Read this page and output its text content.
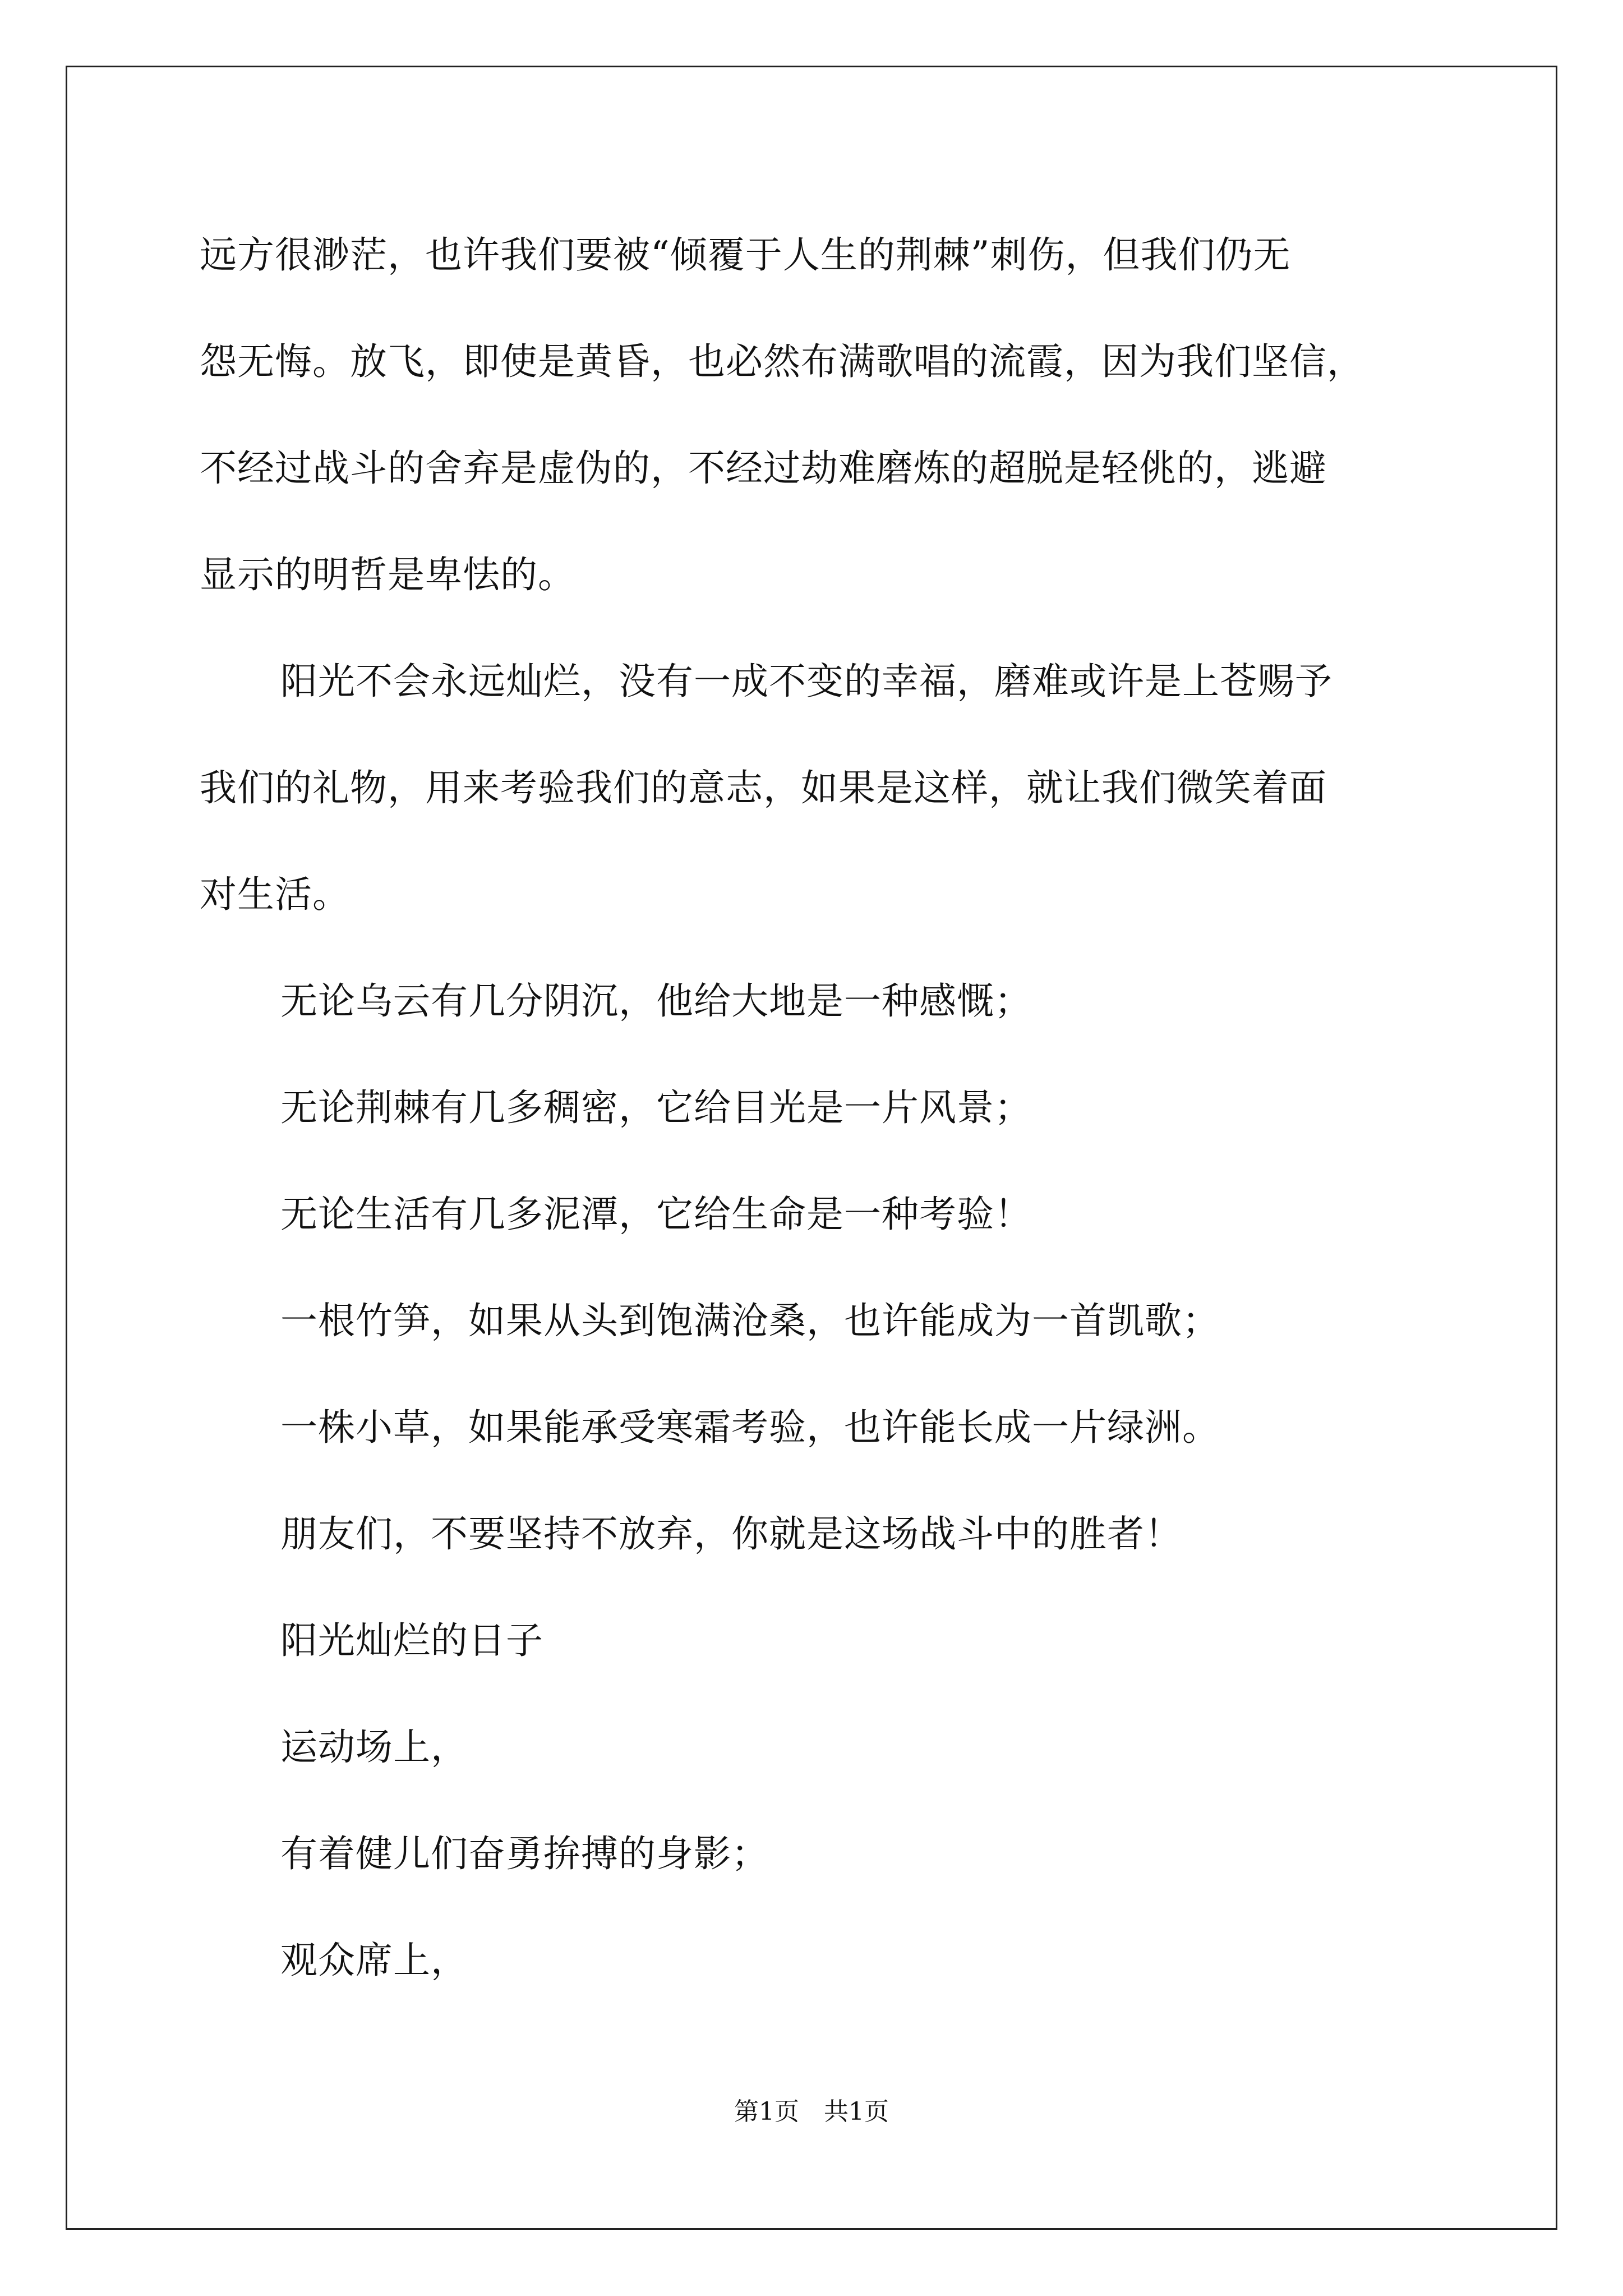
远方很渺茫，也许我们要被“倾覆于人生的荆棘”刺伤，但我们仍无
怨无悔。放飞，即使是黄昏，也必然布满歌唱的流霞，因为我们坚信，
不经过战斗的舍弃是虚伪的，不经过劫难磨炼的超脱是轻佻的，逃避
显示的明哲是卑怯的。
阳光不会永远灿烂，没有一成不变的幸福，磨难或许是上苍赐予
我们的礼物，用来考验我们的意志，如果是这样，就让我们微笑着面
对生活。
无论乌云有几分阴沉，他给大地是一种感慨；
无论荆棘有几多稠密，它给目光是一片风景；
无论生活有几多泥潭，它给生命是一种考验！
一根竹笋，如果从头到饱满沧桑，也许能成为一首凯歌；
一株小草，如果能承受寒霜考验，也许能长成一片绿洲。
朋友们，不要坚持不放弃，你就是这场战斗中的胜者！
阳光灿烂的日子
运动场上，
有着健儿们奋勇拚搏的身影；
观众席上，
第1页　共1页
